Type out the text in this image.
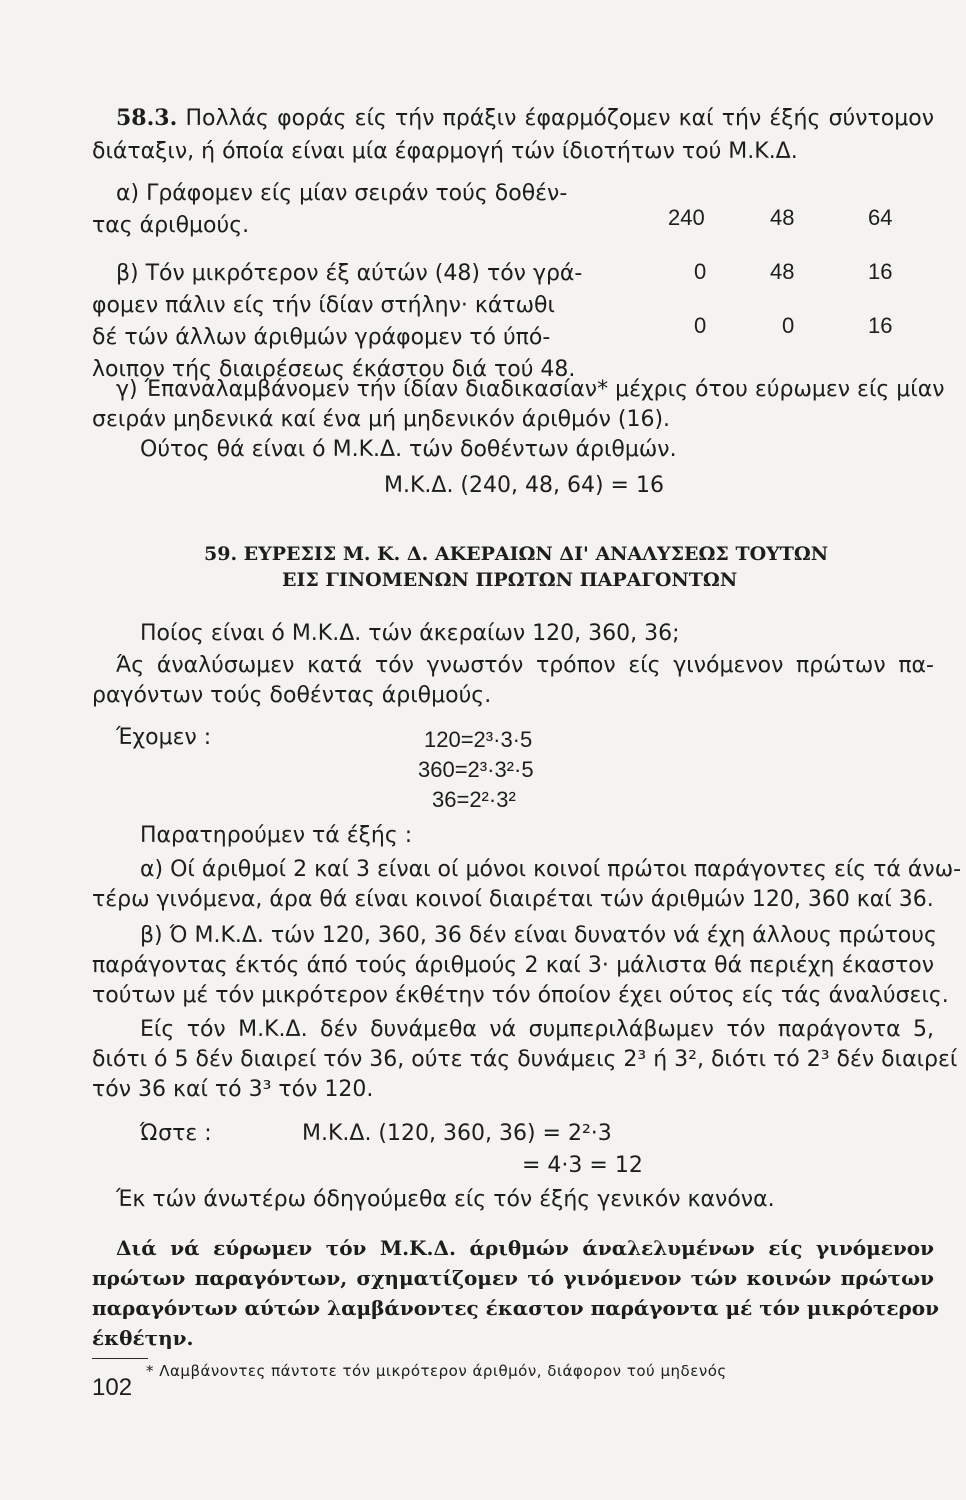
58.3. Πολλάς φοράς είς τήν πράξιν έφαρμόζομεν καί τήν έξής σύντομον
διάταξιν, ή όποία είναι μία έφαρμογή τών ίδιοτήτων τού Μ.Κ.Δ.
α) Γράφομεν είς μίαν σειράν τούς δοθέν-
τας άριθμούς.
β) Τόν μικρότερον έξ αύτών (48) τόν γρά-
φομεν πάλιν είς τήν ίδίαν στήλην· κάτωθι
δέ τών άλλων άριθμών γράφομεν τό ύπό-
λοιπον τής διαιρέσεως έκάστου διά τού 48.
240	48	64
0	48	16
0	0	16
γ) Έπαναλαμβάνομεν τήν ίδίαν διαδικασίαν* μέχρις ότου εύρωμεν είς μίαν
σειράν μηδενικά καί ένα μή μηδενικόν άριθμόν (16).
Ούτος θά είναι ό Μ.Κ.Δ. τών δοθέντων άριθμών.
Μ.Κ.Δ. (240, 48, 64) = 16
59. ΕΥΡΕΣΙΣ Μ. Κ. Δ. ΑΚΕΡΑΙΩΝ ΔΙ' ΑΝΑΛΥΣΕΩΣ ΤΟΥΤΩΝ
ΕΙΣ ΓΙΝΟΜΕΝΩΝ ΠΡΩΤΩΝ ΠΑΡΑΓΟΝΤΩΝ
Ποίος είναι ό Μ.Κ.Δ. τών άκεραίων 120, 360, 36;
Άς άναλύσωμεν κατά τόν γνωστόν τρόπον είς γινόμενον πρώτων πα-
ραγόντων τούς δοθέντας άριθμούς.
Έχομεν :	120=2³·3·5
360=2³·3²·5
36=2²·3²
Παρατηρούμεν τά έξής :
α) Οί άριθμοί 2 καί 3 είναι οί μόνοι κοινοί πρώτοι παράγοντες είς τά άνω-
τέρω γινόμενα, άρα θά είναι κοινοί διαιρέται τών άριθμών 120, 360 καί 36.
β) Ό Μ.Κ.Δ. τών 120, 360, 36 δέν είναι δυνατόν νά έχη άλλους πρώτους
παράγοντας έκτός άπό τούς άριθμούς 2 καί 3· μάλιστα θά περιέχη έκαστον
τούτων μέ τόν μικρότερον έκθέτην τόν όποίον έχει ούτος είς τάς άναλύσεις.
Είς τόν Μ.Κ.Δ. δέν δυνάμεθα νά συμπεριλάβωμεν τόν παράγοντα 5,
διότι ό 5 δέν διαιρεί τόν 36, ούτε τάς δυνάμεις 2³ ή 3², διότι τό 2³ δέν διαιρεί
τόν 36 καί τό 3³ τόν 120.
Ώστε :	Μ.Κ.Δ. (120, 360, 36) = 2²·3
= 4·3 = 12
Έκ τών άνωτέρω όδηγούμεθα είς τόν έξής γενικόν κανόνα.
Διά νά εύρωμεν τόν Μ.Κ.Δ. άριθμών άναλελυμένων είς γινόμενον
πρώτων παραγόντων, σχηματίζομεν τό γινόμενον τών κοινών πρώτων
παραγόντων αύτών λαμβάνοντες έκαστον παράγοντα μέ τόν μικρότερον
έκθέτην.
* Λαμβάνοντες πάντοτε τόν μικρότερον άριθμόν, διάφορον τού μηδενός
102
